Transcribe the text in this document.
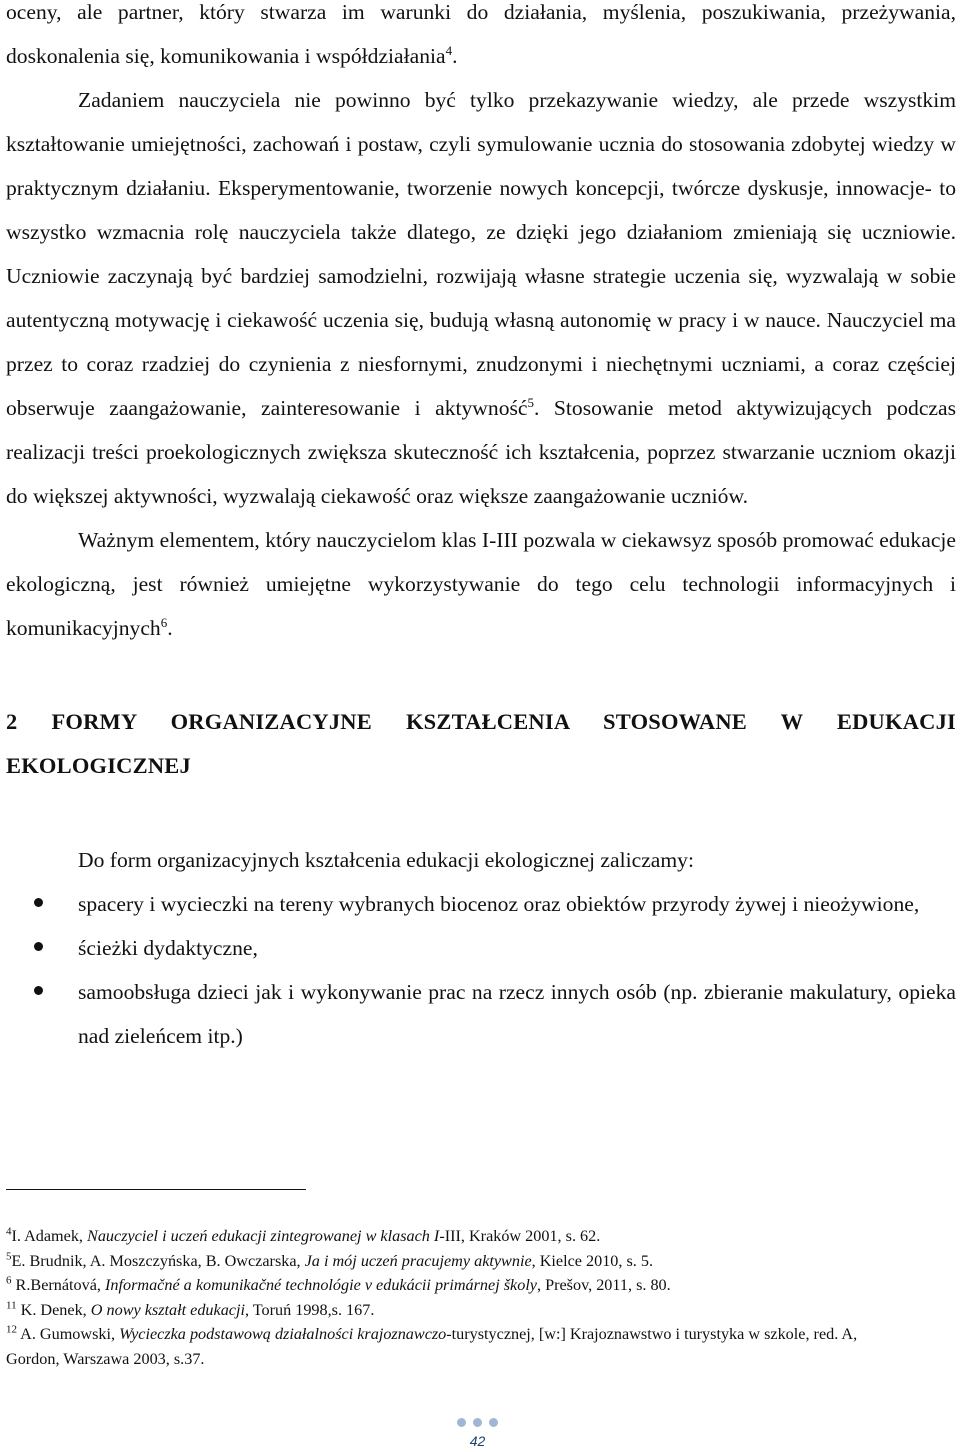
oceny, ale partner, który stwarza im warunki do działania, myślenia, poszukiwania, przeżywania, doskonalenia się, komunikowania i współdziałania$^4$.

Zadaniem nauczyciela nie powinno być tylko przekazywanie wiedzy, ale przede wszystkim kształtowanie umiejętności, zachowań i postaw, czyli symulowanie ucznia do stosowania zdobytej wiedzy w praktycznym działaniu. Eksperymentowanie, tworzenie nowych koncepcji, twórcze dyskusje, innowacje- to wszystko wzmacnia rolę nauczyciela także dlatego, ze dzięki jego działaniom zmieniają się uczniowie. Uczniowie zaczynają być bardziej samodzielni, rozwijają własne strategie uczenia się, wyzwalają w sobie autentyczną motywację i ciekawość uczenia się, budują własną autonomię w pracy i w nauce. Nauczyciel ma przez to coraz rzadziej do czynienia z niesfornymi, znudzonymi i niechętnymi uczniami, a coraz częściej obserwuje zaangażowanie, zainteresowanie i aktywność$^5$. Stosowanie metod aktywizujących podczas realizacji treści proekologicznych zwiększa skuteczność ich kształcenia, poprzez stwarzanie uczniom okazji do większej aktywności, wyzwalają ciekawość oraz większe zaangażowanie uczniów.

Ważnym elementem, który nauczycielom klas I-III pozwala w ciekawsyz sposób promować edukacje ekologiczną, jest również umiejętne wykorzystywanie do tego celu technologii informacyjnych i komunikacyjnych$^6$.

2 FORMY ORGANIZACYJNE KSZTAŁCENIA STOSOWANE W EDUKACJI EKOLOGICZNEJ

Do form organizacyjnych kształcenia edukacji ekologicznej zaliczamy:

spacery i wycieczki na tereny wybranych biocenoz oraz obiektów przyrody żywej i nieożywione,
ścieżki dydaktyczne,
samoobsługa dzieci jak i wykonywanie prac na rzecz innych osób (np. zbieranie makulatury, opieka nad zieleńcem itp.)
$^4$I. Adamek, Nauczyciel i uczeń edukacji zintegrowanej w klasach I-III, Kraków 2001, s. 62.
$^5$E. Brudnik, A. Moszczyńska, B. Owczarska, Ja i mój uczeń pracujemy aktywnie, Kielce 2010, s. 5.
$^6$ R.Bernátová, Informačné a komunikačné technológie v edukácii primárnej školy, Prešov, 2011, s. 80.
$^{11}$ K. Denek, O nowy kształt edukacji, Toruń 1998,s. 167.
$^{12}$ A. Gumowski, Wycieczka podstawową działalności krajoznawczo-turystycznej, [w:] Krajoznawstwo i turystyka w szkole, red. A, Gordon, Warszawa 2003, s.37.
42
